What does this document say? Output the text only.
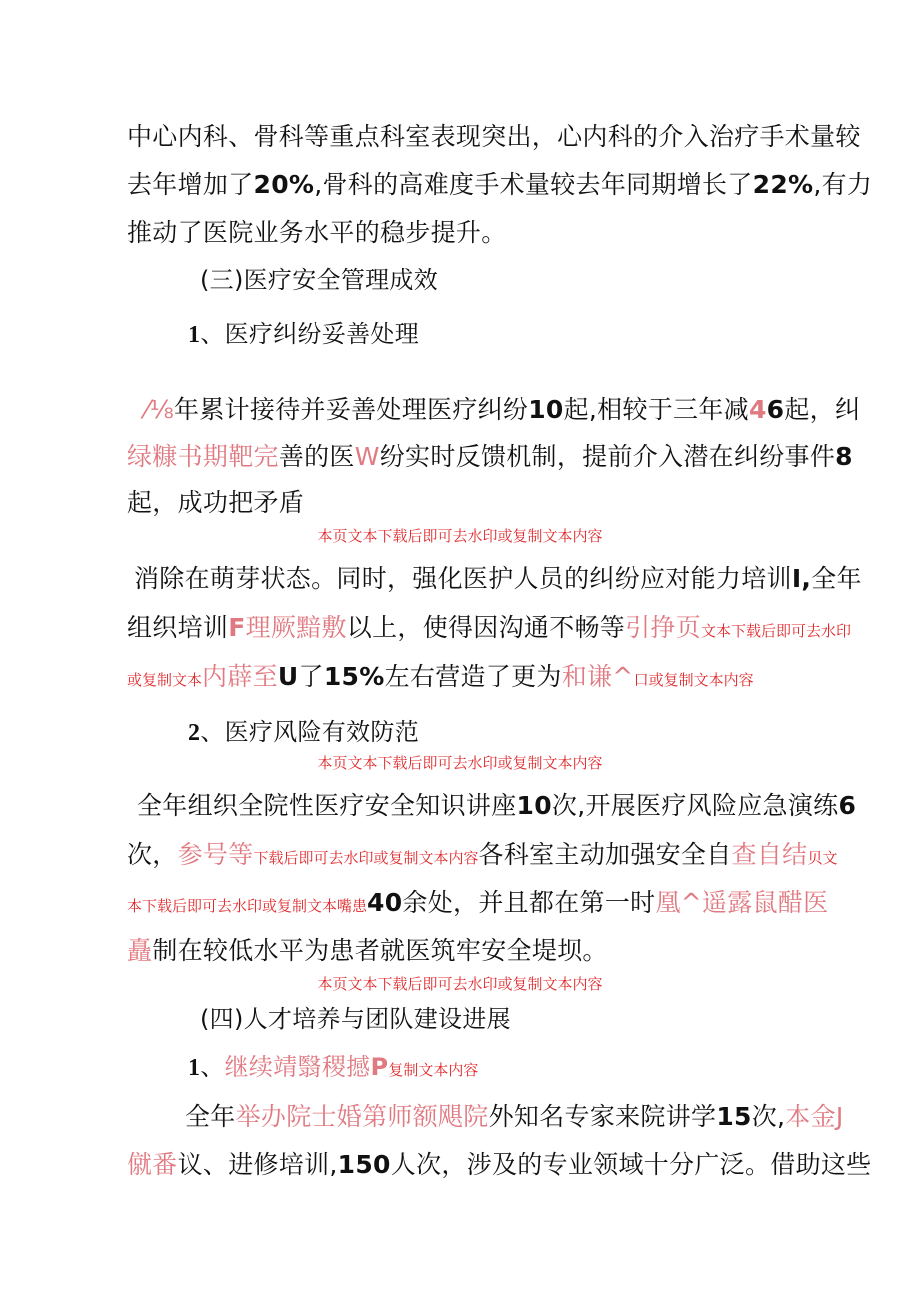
中心内科、骨科等重点科室表现突出，心内科的介入治疗手术量较
去年增加了20%,骨科的高难度手术量较去年同期增长了22%,有力
推动了医院业务水平的稳步提升。
(三)医疗安全管理成效
1、医疗纠纷妥善处理
⁄⅛年累计接待并妥善处理医疗纠纷10起,相较于三年减46起，纠
绿糠书期靶完善的医W纷实时反馈机制，提前介入潜在纠纷事件8
起，成功把矛盾
本页文本下载后即可去水印或复制文本内容
消除在萌芽状态。同时，强化医护人员的纠纷应对能力培训I,全年
组织培训F理厥黯敷以上，使得因沟通不畅等引挣页文本下载后即可去水印
或复制文本内薜至U了15%左右营造了更为和谦^口或复制文本内容
2、医疗风险有效防范
本页文本下载后即可去水印或复制文本内容
全年组织全院性医疗安全知识讲座10次,开展医疗风险应急演练6
次，参号等下载后即可去水印或复制文本内容各科室主动加强安全自查自结贝文
本下载后即可去水印或复制文本嘴患40余处，并且都在第一时凰^遥露鼠醋医
矗制在较低水平为患者就医筑牢安全堤坝。
本页文本下载后即可去水印或复制文本内容
(四)人才培养与团队建设进展
1、继续靖翳稷撼P复制文本内容
全年举办院士婚第师额飓院外知名专家来院讲学15次,本金J
僦番议、进修培训,150人次，涉及的专业领域十分广泛。借助这些
